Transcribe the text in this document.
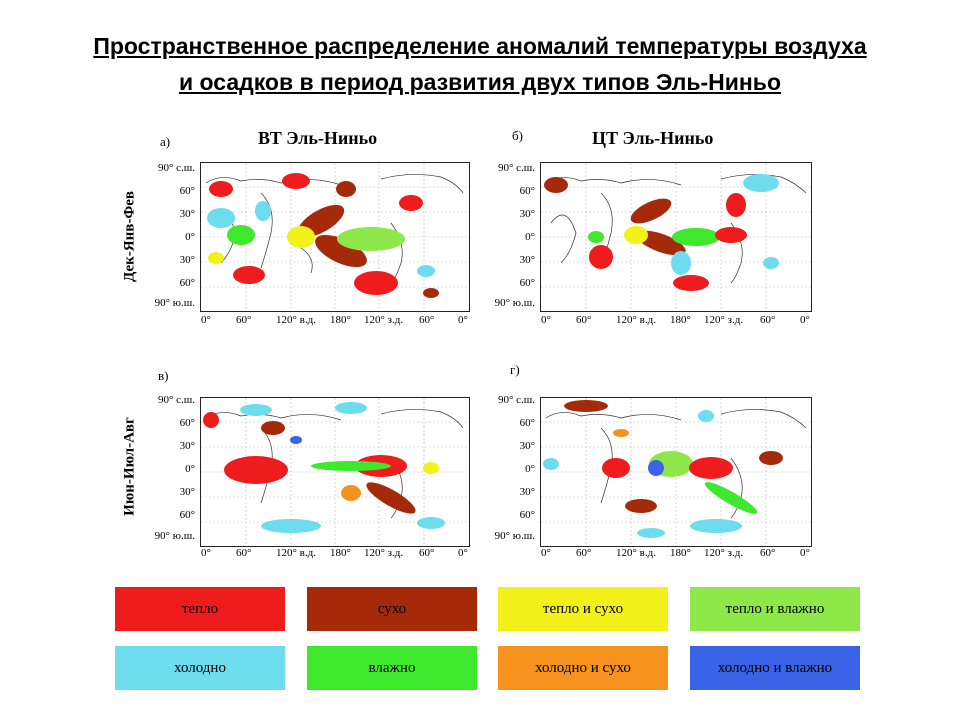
Пространственное распределение аномалий температуры воздуха
и осадков в период развития двух типов Эль-Ниньо
Дек-Янв-Фев
Июн-Июл-Авг
а)	ВТ Эль-Ниньо	б)	ЦТ Эль-Ниньо
в)	г)
90° с.ш.
60°
30°
0°
30°
60°
90° ю.ш.
90° с.ш.
60°
30°
0°
30°
60°
90° ю.ш.
90° с.ш.
60°
30°
0°
30°
60°
90° ю.ш.
90° с.ш.
60°
30°
0°
30°
60°
90° ю.ш.
0° 60° 120° в.д. 180° 120° з.д. 60° 0°	0° 60° 120° в.д. 180° 120° з.д. 60° 0°
0° 60° 120° в.д. 180° 120° з.д. 60° 0°	0° 60° 120° в.д. 180° 120° з.д. 60° 0°
тепло	сухо	тепло и сухо	тепло и влажно
холодно	влажно	холодно и сухо	холодно и влажно
